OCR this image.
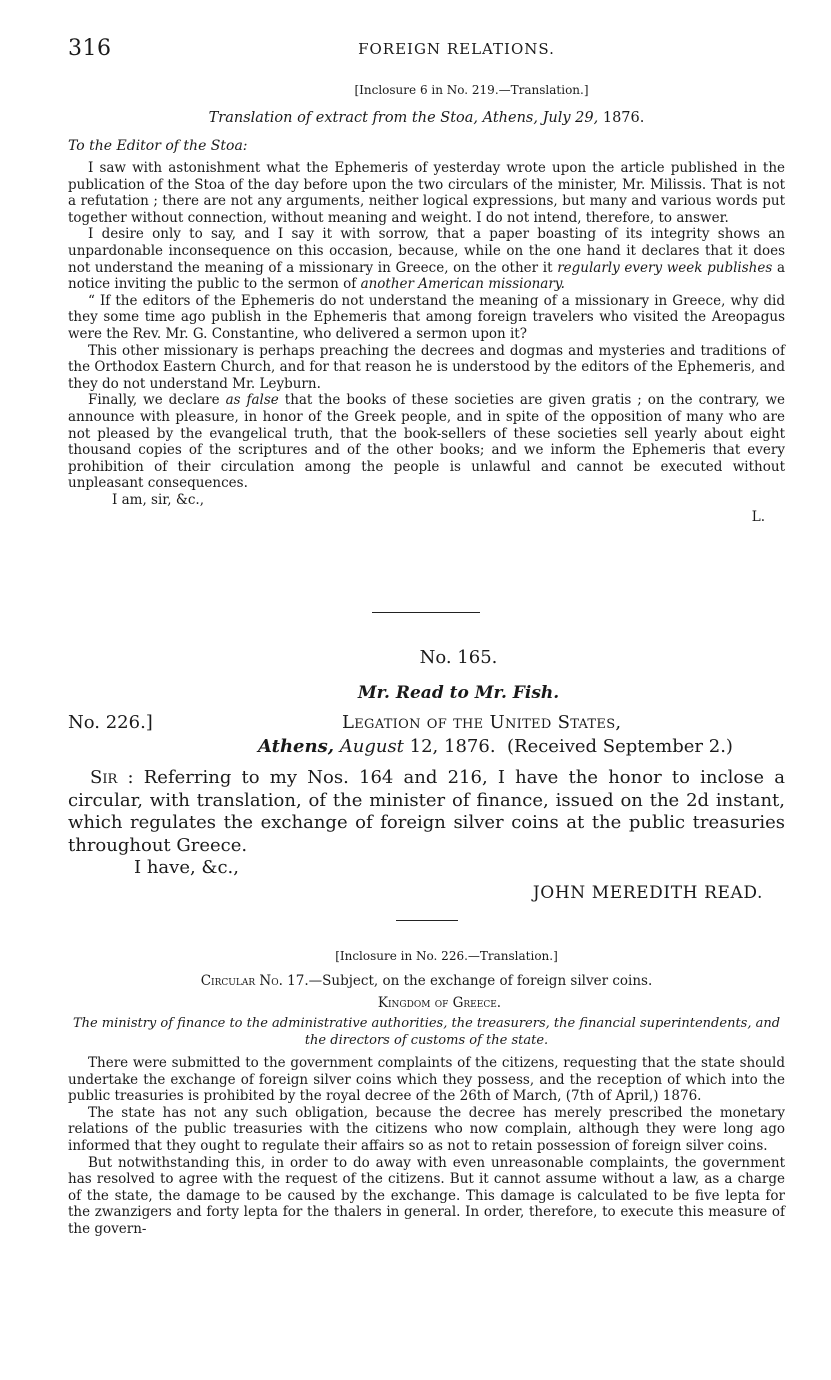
316	FOREIGN RELATIONS.

[Inclosure 6 in No. 219.—Translation.]

Translation of extract from the Stoa, Athens, July 29, 1876.

To the Editor of the Stoa:

I saw with astonishment what the Ephemeris of yesterday wrote upon the article published in the publication of the Stoa of the day before upon the two circulars of the minister, Mr. Milissis. That is not a refutation ; there are not any arguments, neither logical expressions, but many and various words put together without connection, without meaning and weight. I do not intend, therefore, to answer.

I desire only to say, and I say it with sorrow, that a paper boasting of its integrity shows an unpardonable inconsequence on this occasion, because, while on the one hand it declares that it does not understand the meaning of a missionary in Greece, on the other it regularly every week publishes a notice inviting the public to the sermon of another American missionary.

“ If the editors of the Ephemeris do not understand the meaning of a missionary in Greece, why did they some time ago publish in the Ephemeris that among foreign travelers who visited the Areopagus were the Rev. Mr. G. Constantine, who delivered a sermon upon it?

This other missionary is perhaps preaching the decrees and dogmas and mysteries and traditions of the Orthodox Eastern Church, and for that reason he is understood by the editors of the Ephemeris, and they do not understand Mr. Leyburn.

Finally, we declare as false that the books of these societies are given gratis ; on the contrary, we announce with pleasure, in honor of the Greek people, and in spite of the opposition of many who are not pleased by the evangelical truth, that the book-sellers of these societies sell yearly about eight thousand copies of the scriptures and of the other books; and we inform the Ephemeris that every prohibition of their circulation among the people is unlawful and cannot be executed without unpleasant consequences.

I am, sir, &c.,

L.

No. 165.

Mr. Read to Mr. Fish.

No. 226.]	Legation of the United States,
Athens, August 12, 1876. (Received September 2.)

Sir : Referring to my Nos. 164 and 216, I have the honor to inclose a circular, with translation, of the minister of finance, issued on the 2d instant, which regulates the exchange of foreign silver coins at the public treasuries throughout Greece.

I have, &c.,

JOHN MEREDITH READ.

[Inclosure in No. 226.—Translation.]

Circular No. 17.—Subject, on the exchange of foreign silver coins.

Kingdom of Greece.

The ministry of finance to the administrative authorities, the treasurers, the financial superintendents, and the directors of customs of the state.

There were submitted to the government complaints of the citizens, requesting that the state should undertake the exchange of foreign silver coins which they possess, and the reception of which into the public treasuries is prohibited by the royal decree of the 26th of March, (7th of April,) 1876.

The state has not any such obligation, because the decree has merely prescribed the monetary relations of the public treasuries with the citizens who now complain, although they were long ago informed that they ought to regulate their affairs so as not to retain possession of foreign silver coins.

But notwithstanding this, in order to do away with even unreasonable complaints, the government has resolved to agree with the request of the citizens. But it cannot assume without a law, as a charge of the state, the damage to be caused by the exchange. This damage is calculated to be five lepta for the zwanzigers and forty lepta for the thalers in general. In order, therefore, to execute this measure of the govern-
